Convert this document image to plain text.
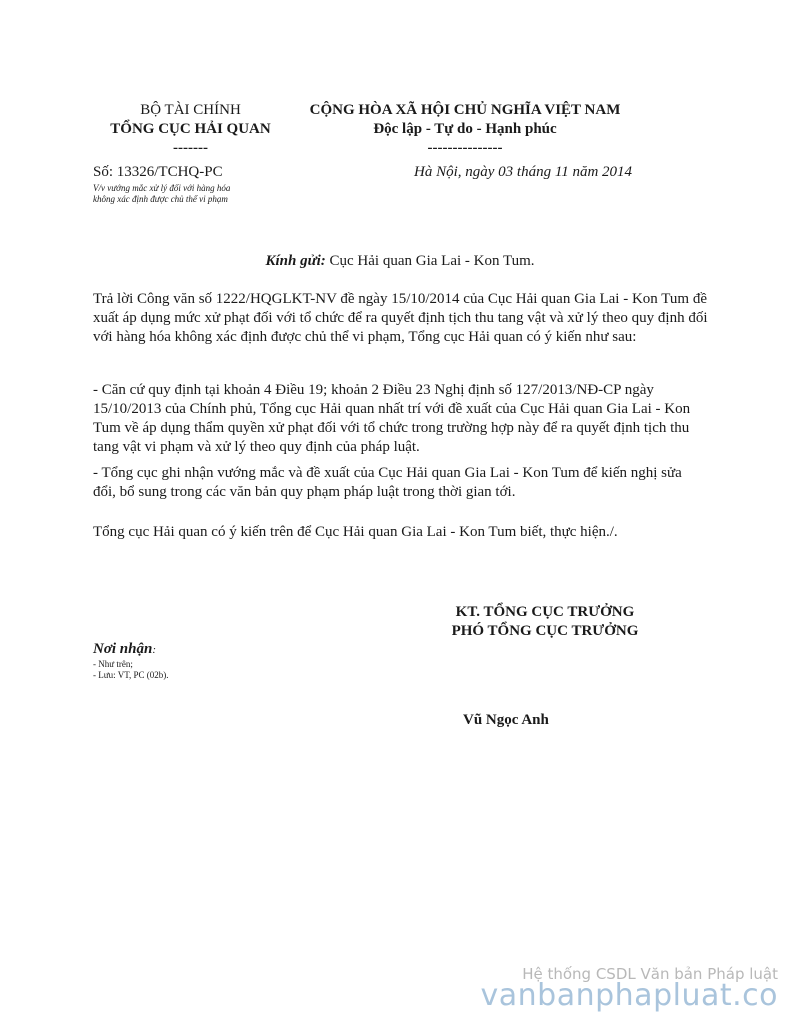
BỘ TÀI CHÍNH
TỔNG CỤC HẢI QUAN
-------
CỘNG HÒA XÃ HỘI CHỦ NGHĨA VIỆT NAM
Độc lập - Tự do - Hạnh phúc
---------------
Số: 13326/TCHQ-PC
V/v vướng mắc xử lý đối với hàng hóa
không xác định được chủ thể vi phạm
Hà Nội, ngày 03 tháng 11 năm 2014
Kính gửi: Cục Hải quan Gia Lai - Kon Tum.
Trả lời Công văn số 1222/HQGLKT-NV đề ngày 15/10/2014 của Cục Hải quan Gia Lai - Kon Tum đề xuất áp dụng mức xử phạt đối với tổ chức để ra quyết định tịch thu tang vật và xử lý theo quy định đối với hàng hóa không xác định được chủ thể vi phạm, Tổng cục Hải quan có ý kiến như sau:
- Căn cứ quy định tại khoản 4 Điều 19; khoản 2 Điều 23 Nghị định số 127/2013/NĐ-CP ngày 15/10/2013 của Chính phủ, Tổng cục Hải quan nhất trí với đề xuất của Cục Hải quan Gia Lai - Kon Tum về áp dụng thẩm quyền xử phạt đối với tổ chức trong trường hợp này để ra quyết định tịch thu tang vật vi phạm và xử lý theo quy định của pháp luật.
- Tổng cục ghi nhận vướng mắc và đề xuất của Cục Hải quan Gia Lai - Kon Tum để kiến nghị sửa đổi, bổ sung trong các văn bản quy phạm pháp luật trong thời gian tới.
Tổng cục Hải quan có ý kiến trên để Cục Hải quan Gia Lai - Kon Tum biết, thực hiện./.
KT. TỔNG CỤC TRƯỞNG
PHÓ TỔNG CỤC TRƯỞNG
Nơi nhận:
- Như trên;
- Lưu: VT, PC (02b).
Vũ Ngọc Anh
Hệ thống CSDL Văn bản Pháp luật
vanbanphapluat.co
